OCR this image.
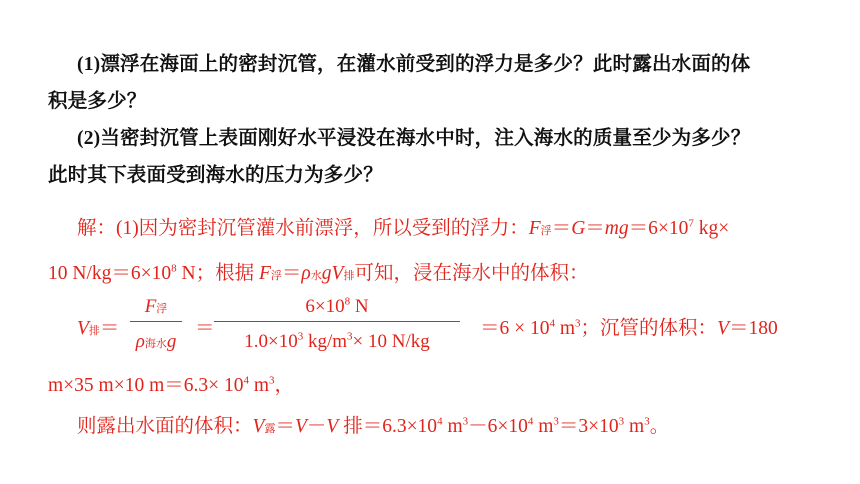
(1)漂浮在海面上的密封沉管，在灌水前受到的浮力是多少？此时露出水面的体
积是多少？
(2)当密封沉管上表面刚好水平浸没在海水中时，注入海水的质量至少为多少？
此时其下表面受到海水的压力为多少？
解：(1)因为密封沉管灌水前漂浮，所以受到的浮力：F浮$=G=mg=6\times 10^7$ kg×
10 $N/kg=6\times 10^8$ N；根据 F浮＝ρ水gV排可知，浸在海水中的体积：
V排＝
F浮
ρ海水g
＝
$6\times 10^8$ N
$1.0\times 10^3$ $kg/m^3\times 10$ N/kg
$=6 \times 10^4$ $m^3$；沉管的体积：V＝180
m×35 m×10 $m=6.3\times 10^4$ $m^3$，
则露出水面的体积：V露＝V－V 排$=6.3\times 10^4$ $m^3-6\times 10^4$ $m^3=3\times 10^3$ $m^3$。
